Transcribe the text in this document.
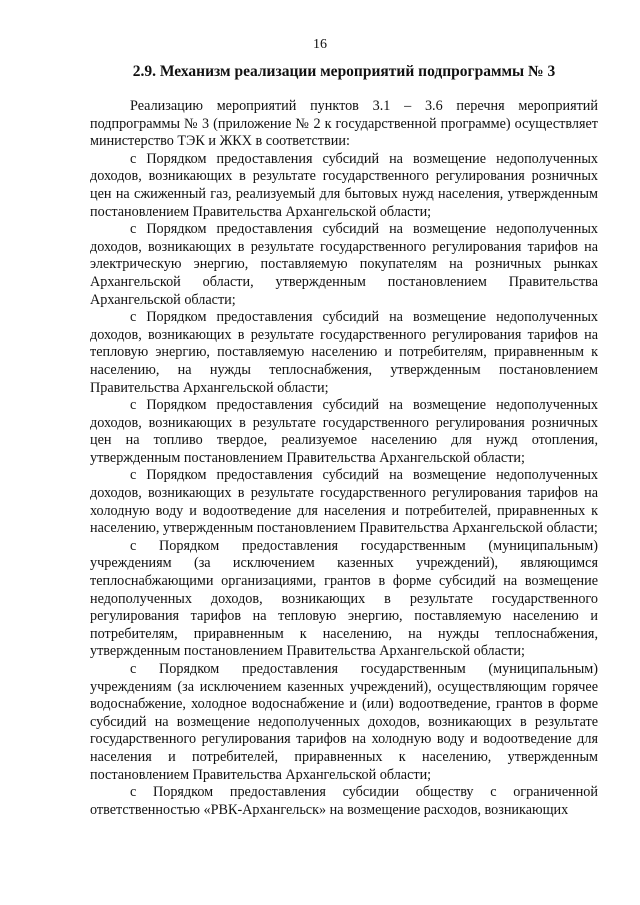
16
2.9. Механизм реализации мероприятий подпрограммы № 3

Реализацию мероприятий пунктов 3.1 – 3.6 перечня мероприятий подпрограммы № 3 (приложение № 2 к государственной программе) осуществляет министерство ТЭК и ЖКХ в соответствии:

с Порядком предоставления субсидий на возмещение недополученных доходов, возникающих в результате государственного регулирования розничных цен на сжиженный газ, реализуемый для бытовых нужд населения, утвержденным постановлением Правительства Архангельской области;

с Порядком предоставления субсидий на возмещение недополученных доходов, возникающих в результате государственного регулирования тарифов на электрическую энергию, поставляемую покупателям на розничных рынках Архангельской области, утвержденным постановлением Правительства Архангельской области;

с Порядком предоставления субсидий на возмещение недополученных доходов, возникающих в результате государственного регулирования тарифов на тепловую энергию, поставляемую населению и потребителям, приравненным к населению, на нужды теплоснабжения, утвержденным постановлением Правительства Архангельской области;

с Порядком предоставления субсидий на возмещение недополученных доходов, возникающих в результате государственного регулирования розничных цен на топливо твердое, реализуемое населению для нужд отопления, утвержденным постановлением Правительства Архангельской области;

с Порядком предоставления субсидий на возмещение недополученных доходов, возникающих в результате государственного регулирования тарифов на холодную воду и водоотведение для населения и потребителей, приравненных к населению, утвержденным постановлением Правительства Архангельской области;

с Порядком предоставления государственным (муниципальным) учреждениям (за исключением казенных учреждений), являющимся теплоснабжающими организациями, грантов в форме субсидий на возмещение недополученных доходов, возникающих в результате государственного регулирования тарифов на тепловую энергию, поставляемую населению и потребителям, приравненным к населению, на нужды теплоснабжения, утвержденным постановлением Правительства Архангельской области;

с Порядком предоставления государственным (муниципальным) учреждениям (за исключением казенных учреждений), осуществляющим горячее водоснабжение, холодное водоснабжение и (или) водоотведение, грантов в форме субсидий на возмещение недополученных доходов, возникающих в результате государственного регулирования тарифов на холодную воду и водоотведение для населения и потребителей, приравненных к населению, утвержденным постановлением Правительства Архангельской области;

с Порядком предоставления субсидии обществу с ограниченной ответственностью «РВК-Архангельск» на возмещение расходов, возникающих
